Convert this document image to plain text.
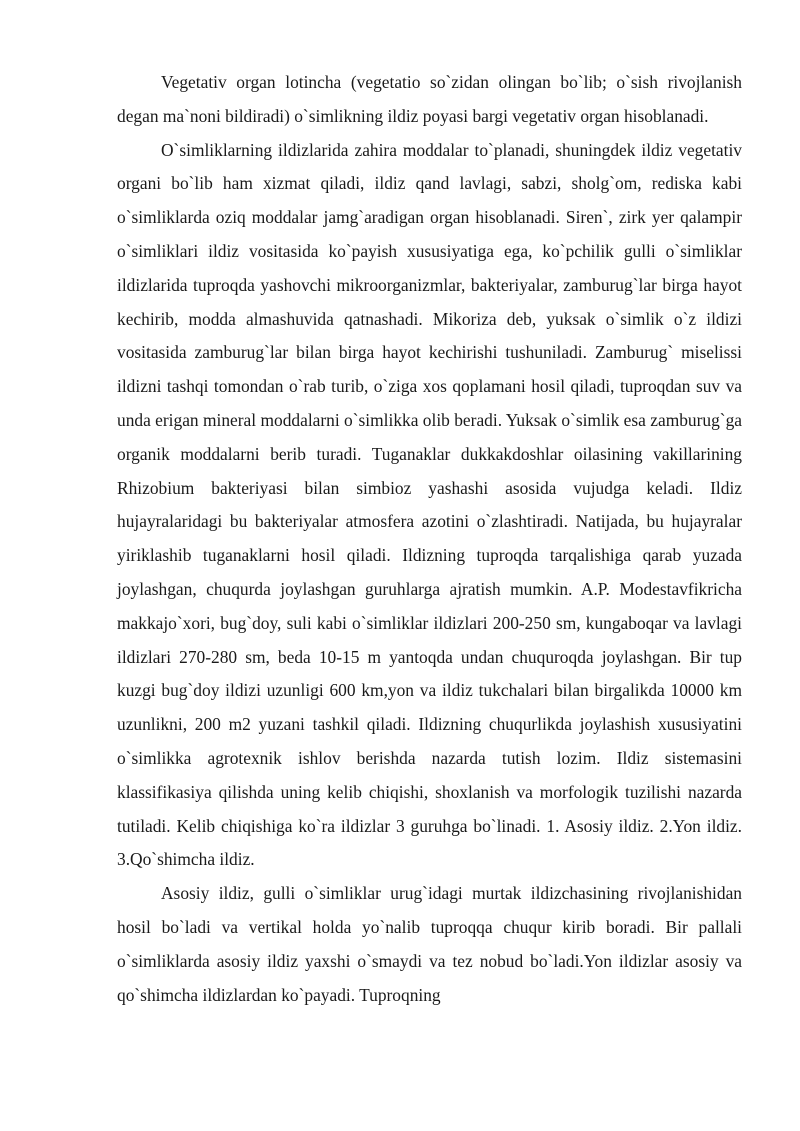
Vegetativ organ lotincha (vegetatio so`zidan olingan bo`lib; o`sish rivojlanish degan ma`noni bildiradi) o`simlikning ildiz poyasi bargi vegetativ organ hisoblanadi.

O`simliklarning ildizlarida zahira moddalar to`planadi, shuningdek ildiz vegetativ organi bo`lib ham xizmat qiladi, ildiz qand lavlagi, sabzi, sholg`om, rediska kabi o`simliklarda oziq moddalar jamg`aradigan organ hisoblanadi. Siren`, zirk yer qalampir o`simliklari ildiz vositasida ko`payish xususiyatiga ega, ko`pchilik gulli o`simliklar ildizlarida tuproqda yashovchi mikroorganizmlar, bakteriyalar, zamburug`lar birga hayot kechirib, modda almashuvida qatnashadi. Mikoriza deb, yuksak o`simlik o`z ildizi vositasida zamburug`lar bilan birga hayot kechirishi tushuniladi. Zamburug` miselissi ildizni tashqi tomondan o`rab turib, o`ziga xos qoplamani hosil qiladi, tuproqdan suv va unda erigan mineral moddalarni o`simlikka olib beradi. Yuksak o`simlik esa zamburug`ga organik moddalarni berib turadi. Tuganaklar dukkakdoshlar oilasining vakillarining Rhizobium bakteriyasi bilan simbioz yashashi asosida vujudga keladi. Ildiz hujayralaridagi bu bakteriyalar atmosfera azotini o`zlashtiradi. Natijada, bu hujayralar yiriklashib tuganaklarni hosil qiladi. Ildizning tuproqda tarqalishiga qarab yuzada joylashgan, chuqurda joylashgan guruhlarga ajratish mumkin. A.P. Modestavfikricha makkajo`xori, bug`doy, suli kabi o`simliklar ildizlari 200-250 sm, kungaboqar va lavlagi ildizlari 270-280 sm, beda 10-15 m yantoqda undan chuquroqda joylashgan. Bir tup kuzgi bug`doy ildizi uzunligi 600 km,yon va ildiz tukchalari bilan birgalikda 10000 km uzunlikni, 200 m2 yuzani tashkil qiladi. Ildizning chuqurlikda joylashish xususiyatini o`simlikka agrotexnik ishlov berishda nazarda tutish lozim. Ildiz sistemasini klassifikasiya qilishda uning kelib chiqishi, shoxlanish va morfologik tuzilishi nazarda tutiladi. Kelib chiqishiga ko`ra ildizlar 3 guruhga bo`linadi. 1. Asosiy ildiz. 2.Yon ildiz. 3.Qo`shimcha ildiz.

Asosiy ildiz, gulli o`simliklar urug`idagi murtak ildizchasining rivojlanishidan hosil bo`ladi va vertikal holda yo`nalib tuproqqa chuqur kirib boradi. Bir pallali o`simliklarda asosiy ildiz yaxshi o`smaydi va tez nobud bo`ladi.Yon ildizlar asosiy va qo`shimcha ildizlardan ko`payadi. Tuproqning
